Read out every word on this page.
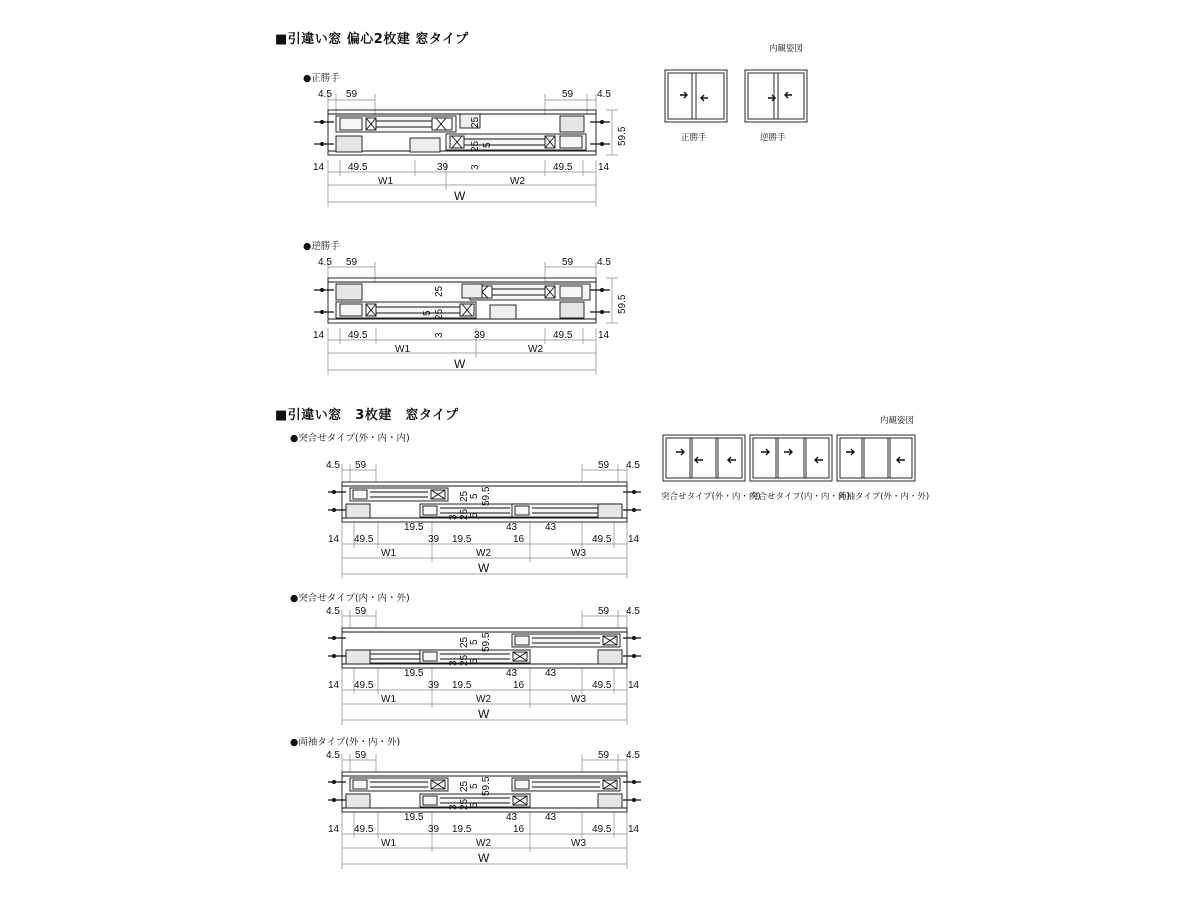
■引違い窓 偏心2枚建 窓タイプ
●正勝手
●逆勝手
内観姿図
正勝手	逆勝手
■引違い窓　3枚建　窓タイプ
●突合せタイプ(外・内・内)
●突合せタイプ(内・内・外)
●両袖タイプ(外・内・外)
内観姿図
突合せタイプ(外・内・内)
突合せタイプ(内・内・外)
両袖タイプ(外・内・外)
4.5 59	59 4.5
14 49.5	39	49.5	14
W1	W2
W
25
25 5
3
59.5
4.5 59	59 4.5
14 49.5	39	49.5	14
W1	W2
W
25
25
5
3
59.5
4.5 59	59 4.5
14 49.5	39 19.5	16	49.5 14
W1	W2	W3
19.5	43	43
W
25 5 59.5
25 5
3
4.5 59	59 4.5
14 49.5	39 19.5	16	49.5 14
W1	W2	W3
19.5	43	43
W
25 5 59.5
25 5
3
4.5 59	59 4.5
14 49.5	39 19.5	16	49.5 14
W1	W2	W3
19.5	43	43
W
25 5 59.5
25 5
3
